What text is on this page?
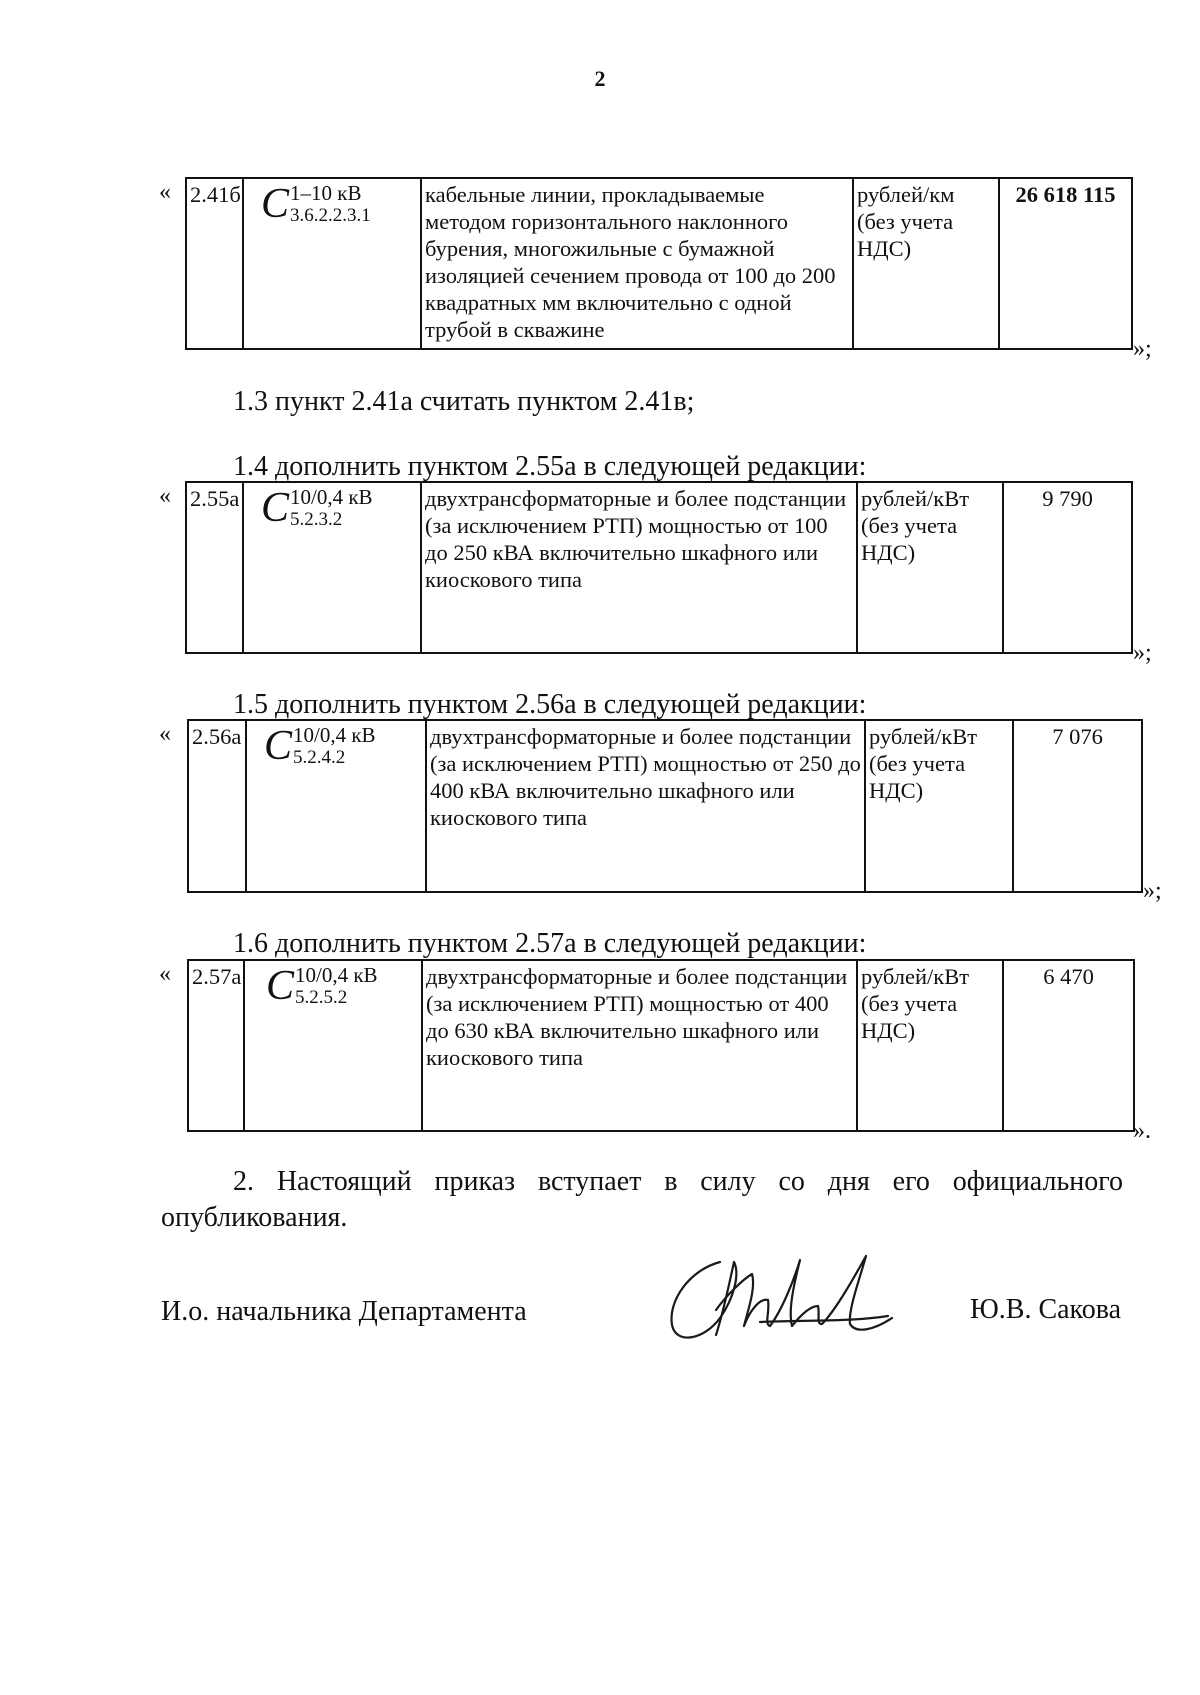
2
« 2.41б	C 1–10 кВ
3.6.2.2.3.1
	кабельные линии, прокладываемые методом горизонтального наклонного бурения, многожильные с бумажной изоляцией сечением провода от 100 до 200 квадратных мм включительно с одной трубой в скважине	рублей/км (без учета НДС)	26 618 115
»;
1.3 пункт 2.41а считать пунктом 2.41в;
1.4 дополнить пунктом 2.55а в следующей редакции:
« 2.55а	C 10/0,4 кВ
5.2.3.2
	двухтрансформаторные и более подстанции (за исключением РТП) мощностью от 100 до 250 кВА включительно шкафного или киоскового типа	рублей/кВт (без учета НДС)	9 790
»;
1.5 дополнить пунктом 2.56а в следующей редакции:
« 2.56а	C 10/0,4 кВ
5.2.4.2
	двухтрансформаторные и более подстанции (за исключением РТП) мощностью от 250 до 400 кВА включительно шкафного или киоскового типа	рублей/кВт (без учета НДС)	7 076
»;
1.6 дополнить пунктом 2.57а в следующей редакции:
« 2.57а	C 10/0,4 кВ
5.2.5.2
	двухтрансформаторные и более подстанции (за исключением РТП) мощностью от 400 до 630 кВА включительно шкафного или киоскового типа	рублей/кВт (без учета НДС)	6 470
».
2. Настоящий приказ вступает в силу со дня его официального опубликования.
И.о. начальника Департамента	Ю.В. Сакова
